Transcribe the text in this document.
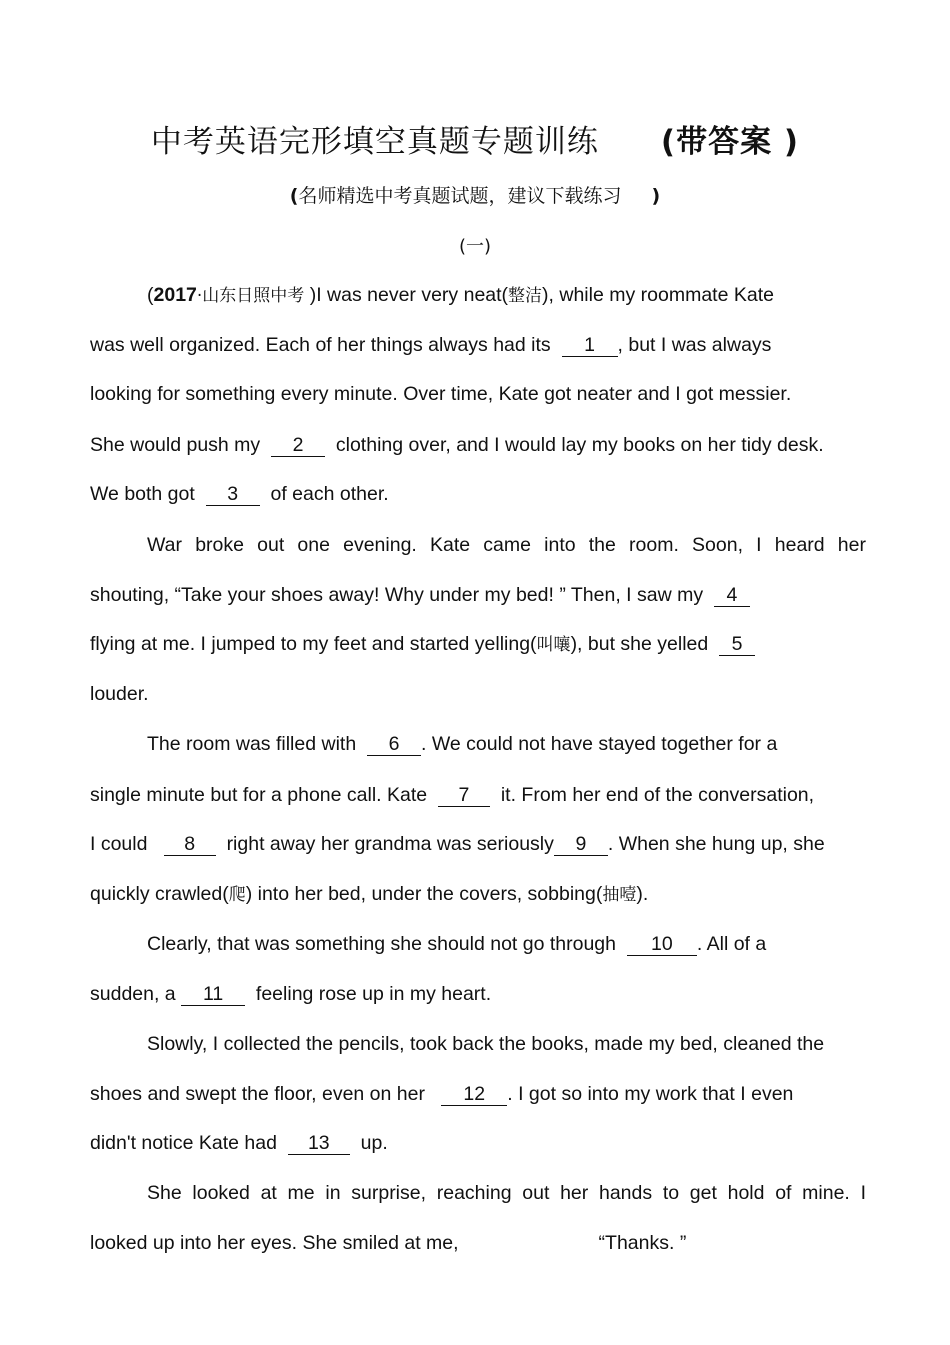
中考英语完形填空真题专题训练 (带答案 )
(名师精选中考真题试题，建议下载练习 )
(一)
(2017·山东日照中考 )I was never very neat(整洁), while my roommate Kate
was well organized. Each of her things always had its 1 , but I was always
looking for something every minute. Over time, Kate got neater and I got messier.
She would push my 2 clothing over, and I would lay my books on her tidy desk.
We both got 3 of each other.
War broke out one evening. Kate came into the room. Soon, I heard her
shouting, “Take your shoes away! Why under my bed! ” Then, I saw my 4
flying at me. I jumped to my feet and started yelling(叫嚷), but she yelled 5
louder.
The room was filled with 6 . We could not have stayed together for a
single minute but for a phone call. Kate 7 it. From her end of the conversation,
I could 8 right away her grandma was seriously 9 . When she hung up, she
quickly crawled(爬) into her bed, under the covers, sobbing(抽噎).
Clearly, that was something she should not go through 10 . All of a
sudden, a 11 feeling rose up in my heart.
Slowly, I collected the pencils, took back the books, made my bed, cleaned the
shoes and swept the floor, even on her 12 . I got so into my work that I even
didn't notice Kate had 13 up.
She looked at me in surprise, reaching out her hands to get hold of mine. I
looked up into her eyes. She smiled at me,	“Thanks. ”
